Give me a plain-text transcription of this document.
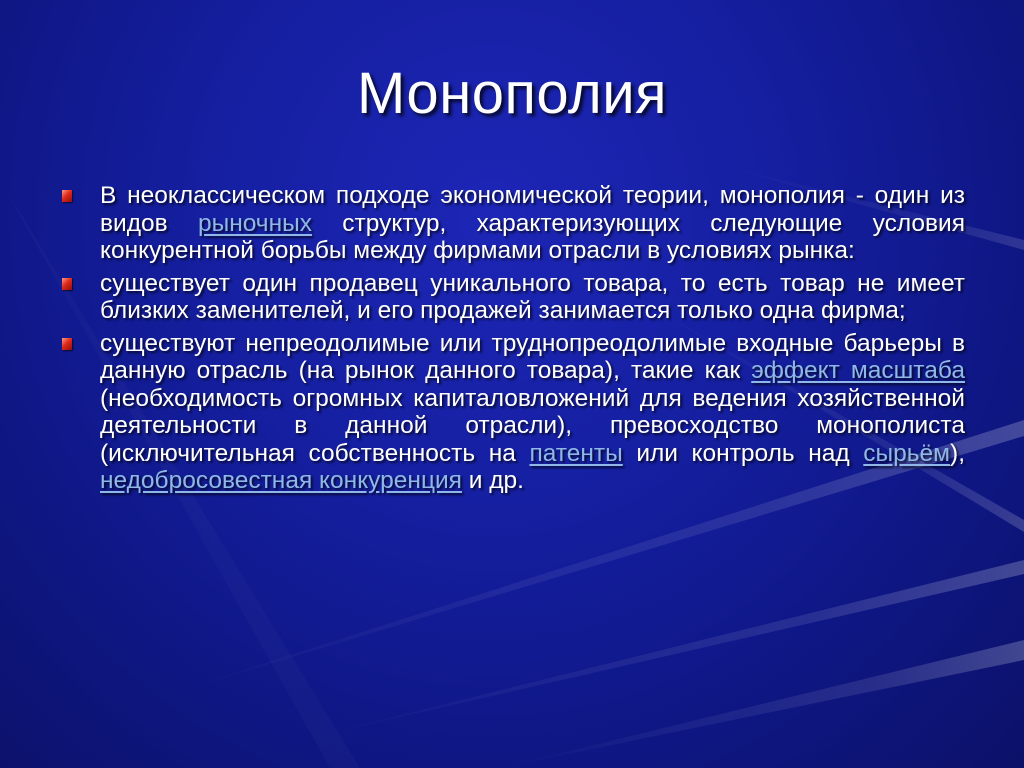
Монополия
В неоклассическом подходе экономической теории, монополия - один из видов рыночных структур, характеризующих следующие условия конкурентной борьбы между фирмами отрасли в условиях рынка:
существует один продавец уникального товара, то есть товар не имеет близких заменителей, и его продажей занимается только одна фирма;
существуют непреодолимые или труднопреодолимые входные барьеры в данную отрасль (на рынок данного товара), такие как эффект масштаба (необходимость огромных капиталовложений для ведения хозяйственной деятельности в данной отрасли), превосходство монополиста (исключительная собственность на патенты или контроль над сырьём), недобросовестная конкуренция и др.
